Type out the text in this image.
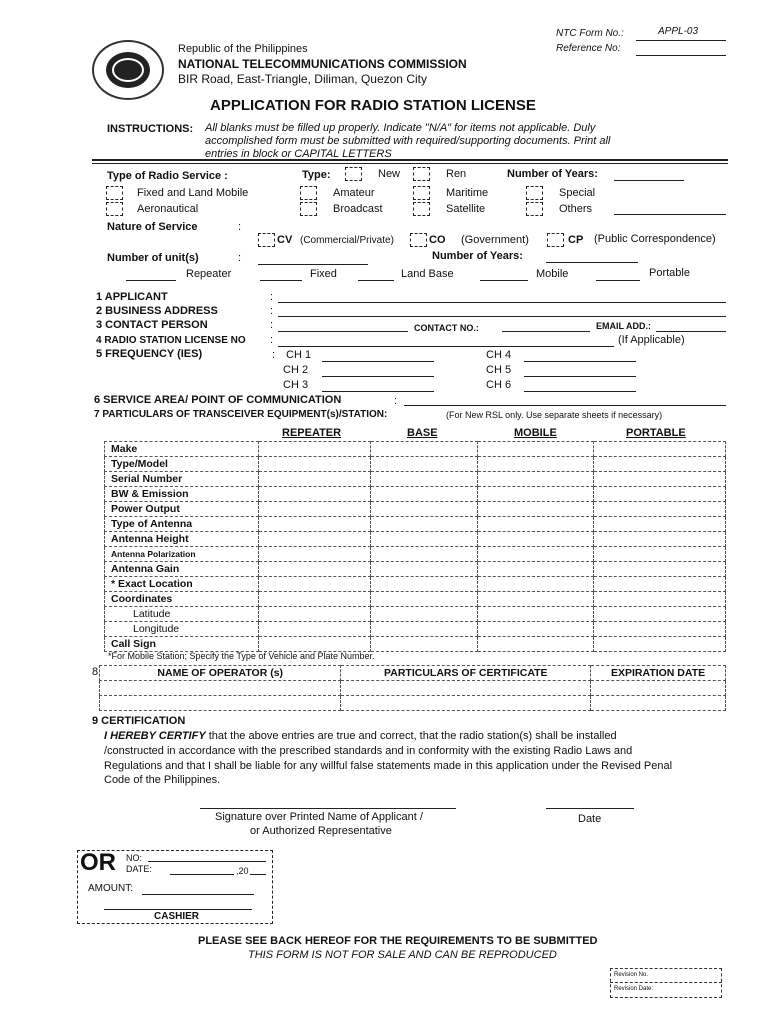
NTC Form No.:	APPL-03
Reference No:
Republic of the Philippines
NATIONAL TELECOMMUNICATIONS COMMISSION
BIR Road, East-Triangle, Diliman, Quezon City
APPLICATION FOR RADIO STATION LICENSE
INSTRUCTIONS: All blanks must be filled up properly. Indicate "N/A" for items not applicable. Duly
accomplished form must be submitted with required/supporting documents. Print all
entries in block or CAPITAL LETTERS
Type of Radio Service :	Type:	New	Ren	Number of Years:
Fixed and Land Mobile
Aeronautical
Amateur
Broadcast
Maritime
Satellite
Special
Others
Nature of Service	:
CV (Commercial/Private)	CO (Government)	CP (Public Correspondence)
Number of unit(s)	:	Number of Years:
Repeater	Fixed	Land Base	Mobile	Portable
1 APPLICANT	:
2 BUSINESS ADDRESS	:
3 CONTACT PERSON	:	CONTACT NO.:	EMAIL ADD.:
4 RADIO STATION LICENSE NO :	(If Applicable)
5 FREQUENCY (IES)	: CH 1
CH 2
CH 3
CH 4
CH 5
CH 6
6 SERVICE AREA/ POINT OF COMMUNICATION	:
7 PARTICULARS OF TRANSCEIVER EQUIPMENT(s)/STATION:	(For New RSL only. Use separate sheets if necessary)
REPEATER	BASE	MOBILE	PORTABLE
Make				
Type/Model				
Serial Number				
BW & Emission				
Power Output				
Type of Antenna				
Antenna Height				
Antenna Polarization				
Antenna Gain				
* Exact Location				
Coordinates				
Latitude				
Longitude				
Call Sign				
*For Mobile Station; Specify the Type of Vehicle and Plate Number.
8	NAME OF OPERATOR (s)	PARTICULARS OF CERTIFICATE	EXPIRATION DATE

9 CERTIFICATION
I HEREBY CERTIFY that the above entries are true and correct, that the radio station(s) shall be installed
/constructed in accordance with the prescribed standards and in conformity with the existing Radio Laws and
Regulations and that I shall be liable for any willful false statements made in this application under the Revised Penal
Code of the Philippines.
Signature over Printed Name of Applicant /
or Authorized Representative
Date
OR NO:
DATE:	,20
AMOUNT:
CASHIER
PLEASE SEE BACK HEREOF FOR THE REQUIREMENTS TO BE SUBMITTED
THIS FORM IS NOT FOR SALE AND CAN BE REPRODUCED
Revision No.
Revision Date:
